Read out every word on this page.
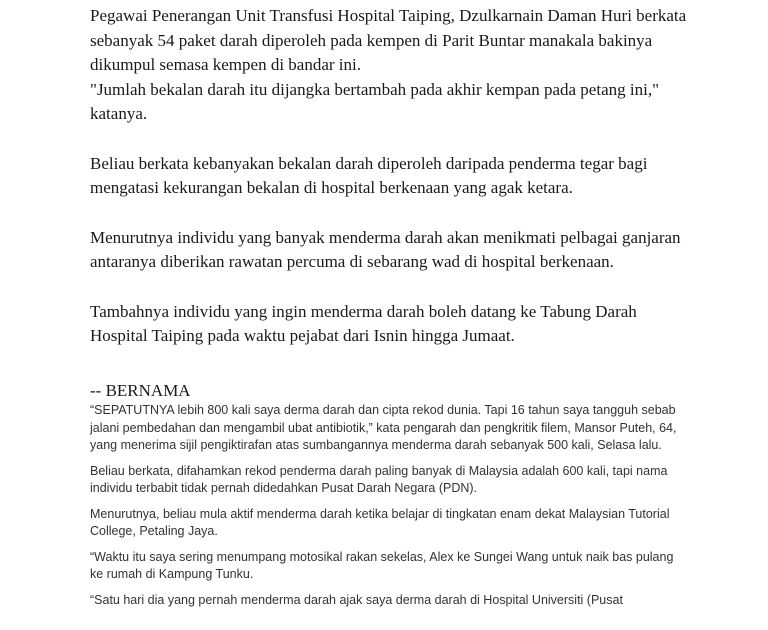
Pegawai Penerangan Unit Transfusi Hospital Taiping, Dzulkarnain Daman Huri berkata sebanyak 54 paket darah diperoleh pada kempen di Parit Buntar manakala bakinya dikumpul semasa kempen di bandar ini.

"Jumlah bekalan darah itu dijangka bertambah pada akhir kempan pada petang ini," katanya.

Beliau berkata kebanyakan bekalan darah diperoleh daripada penderma tegar bagi mengatasi kekurangan bekalan di hospital berkenaan yang agak ketara.

Menurutnya individu yang banyak menderma darah akan menikmati pelbagai ganjaran antaranya diberikan rawatan percuma di sebarang wad di hospital berkenaan.

Tambahnya individu yang ingin menderma darah boleh datang ke Tabung Darah Hospital Taiping pada waktu pejabat dari Isnin hingga Jumaat.

-- BERNAMA

“SEPATUTNYA lebih 800 kali saya derma darah dan cipta rekod dunia. Tapi 16 tahun saya tangguh sebab jalani pembedahan dan mengambil ubat antibiotik,” kata pengarah dan pengkritik filem, Mansor Puteh, 64, yang menerima sijil pengiktirafan atas sumbangannya menderma darah sebanyak 500 kali, Selasa lalu.

Beliau berkata, difahamkan rekod penderma darah paling banyak di Malaysia adalah 600 kali, tapi nama individu terbabit tidak pernah didedahkan Pusat Darah Negara (PDN).

Menurutnya, beliau mula aktif menderma darah ketika belajar di tingkatan enam dekat Malaysian Tutorial College, Petaling Jaya.

“Waktu itu saya sering menumpang motosikal rakan sekelas, Alex ke Sungei Wang untuk naik bas pulang ke rumah di Kampung Tunku.

“Satu hari dia yang pernah menderma darah ajak saya derma darah di Hospital Universiti (Pusat
